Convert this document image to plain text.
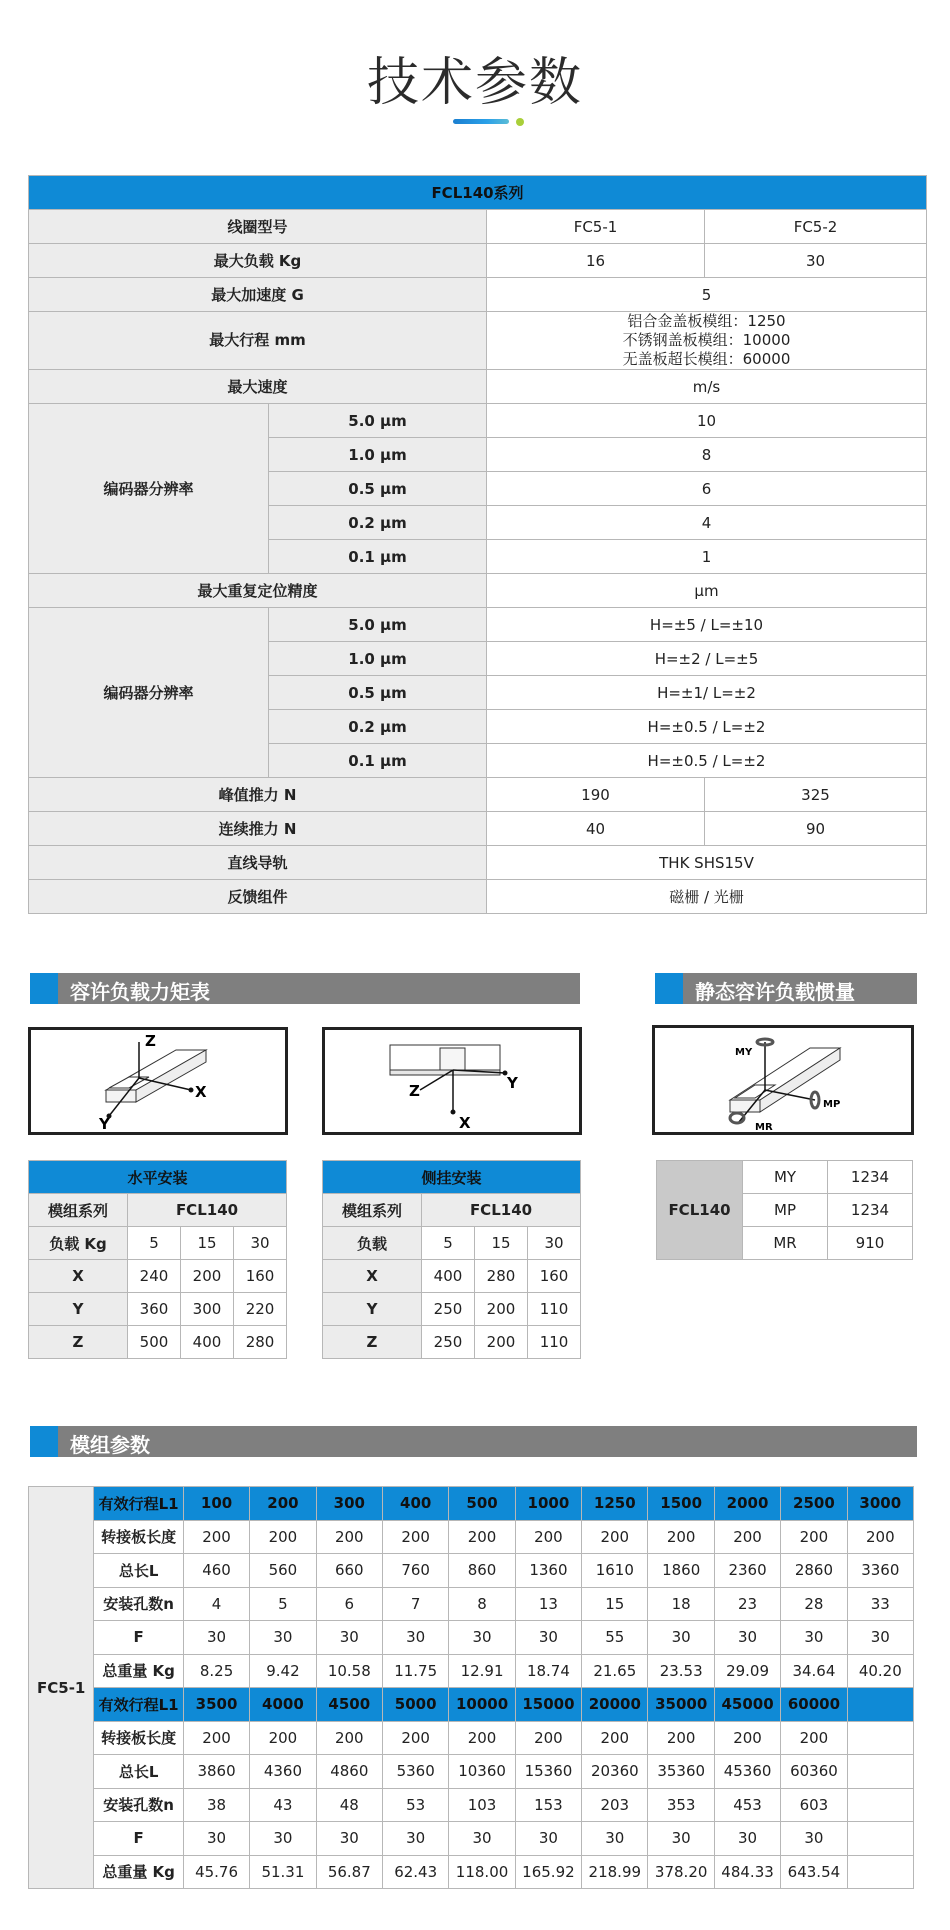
技术参数
FCL140系列			
线圈型号		FC5-1	FC5-2
最大负载 Kg		16	30
最大加速度 G		5	
最大行程 mm		铝合金盖板模组：1250
不锈钢盖板模组：10000
无盖板超长模组：60000	

最大速度		m/s	
编码器分辨率	5.0 μm	10	
	1.0 μm	8	
	0.5 μm	6	
	0.2 μm	4	
	0.1 μm	1	
最大重复定位精度		μm	
编码器分辨率	5.0 μm	H=±5 / L=±10	
	1.0 μm	H=±2 / L=±5	
	0.5 μm	H=±1/ L=±2	
	0.2 μm	H=±0.5 / L=±2	
	0.1 μm	H=±0.5 / L=±2	
峰值推力 N		190	325
连续推力 N		40	90
直线导轨		THK SHS15V	
反馈组件		磁栅 / 光栅	
容许负载力矩表	静态容许负载惯量
Z
X
Y
Z
X
Y
MY
MP
MR
水平安装			
模组系列	FCL140		
负载 Kg	5	15	30
X	240	200	160
Y	360	300	220
Z	500	400	280
侧挂安装			
模组系列	FCL140		
负载	5	15	30
X	400	280	160
Y	250	200	110
Z	250	200	110
FCL140	MY	1234
	MP	1234
	MR	910
模组参数
FC5-1	有效行程L1	100	200	300	400	500	1000	1250	1500	2000	2500	3000
	转接板长度	200	200	200	200	200	200	200	200	200	200	200
	总长L	460	560	660	760	860	1360	1610	1860	2360	2860	3360
	安装孔数n	4	5	6	7	8	13	15	18	23	28	33
	F	30	30	30	30	30	30	55	30	30	30	30
	总重量 Kg	8.25	9.42	10.58	11.75	12.91	18.74	21.65	23.53	29.09	34.64	40.20
	有效行程L1	3500	4000	4500	5000	10000	15000	20000	35000	45000	60000	
	转接板长度	200	200	200	200	200	200	200	200	200	200	
	总长L	3860	4360	4860	5360	10360	15360	20360	35360	45360	60360	
	安装孔数n	38	43	48	53	103	153	203	353	453	603	
	F	30	30	30	30	30	30	30	30	30	30	
	总重量 Kg	45.76	51.31	56.87	62.43	118.00	165.92	218.99	378.20	484.33	643.54	
